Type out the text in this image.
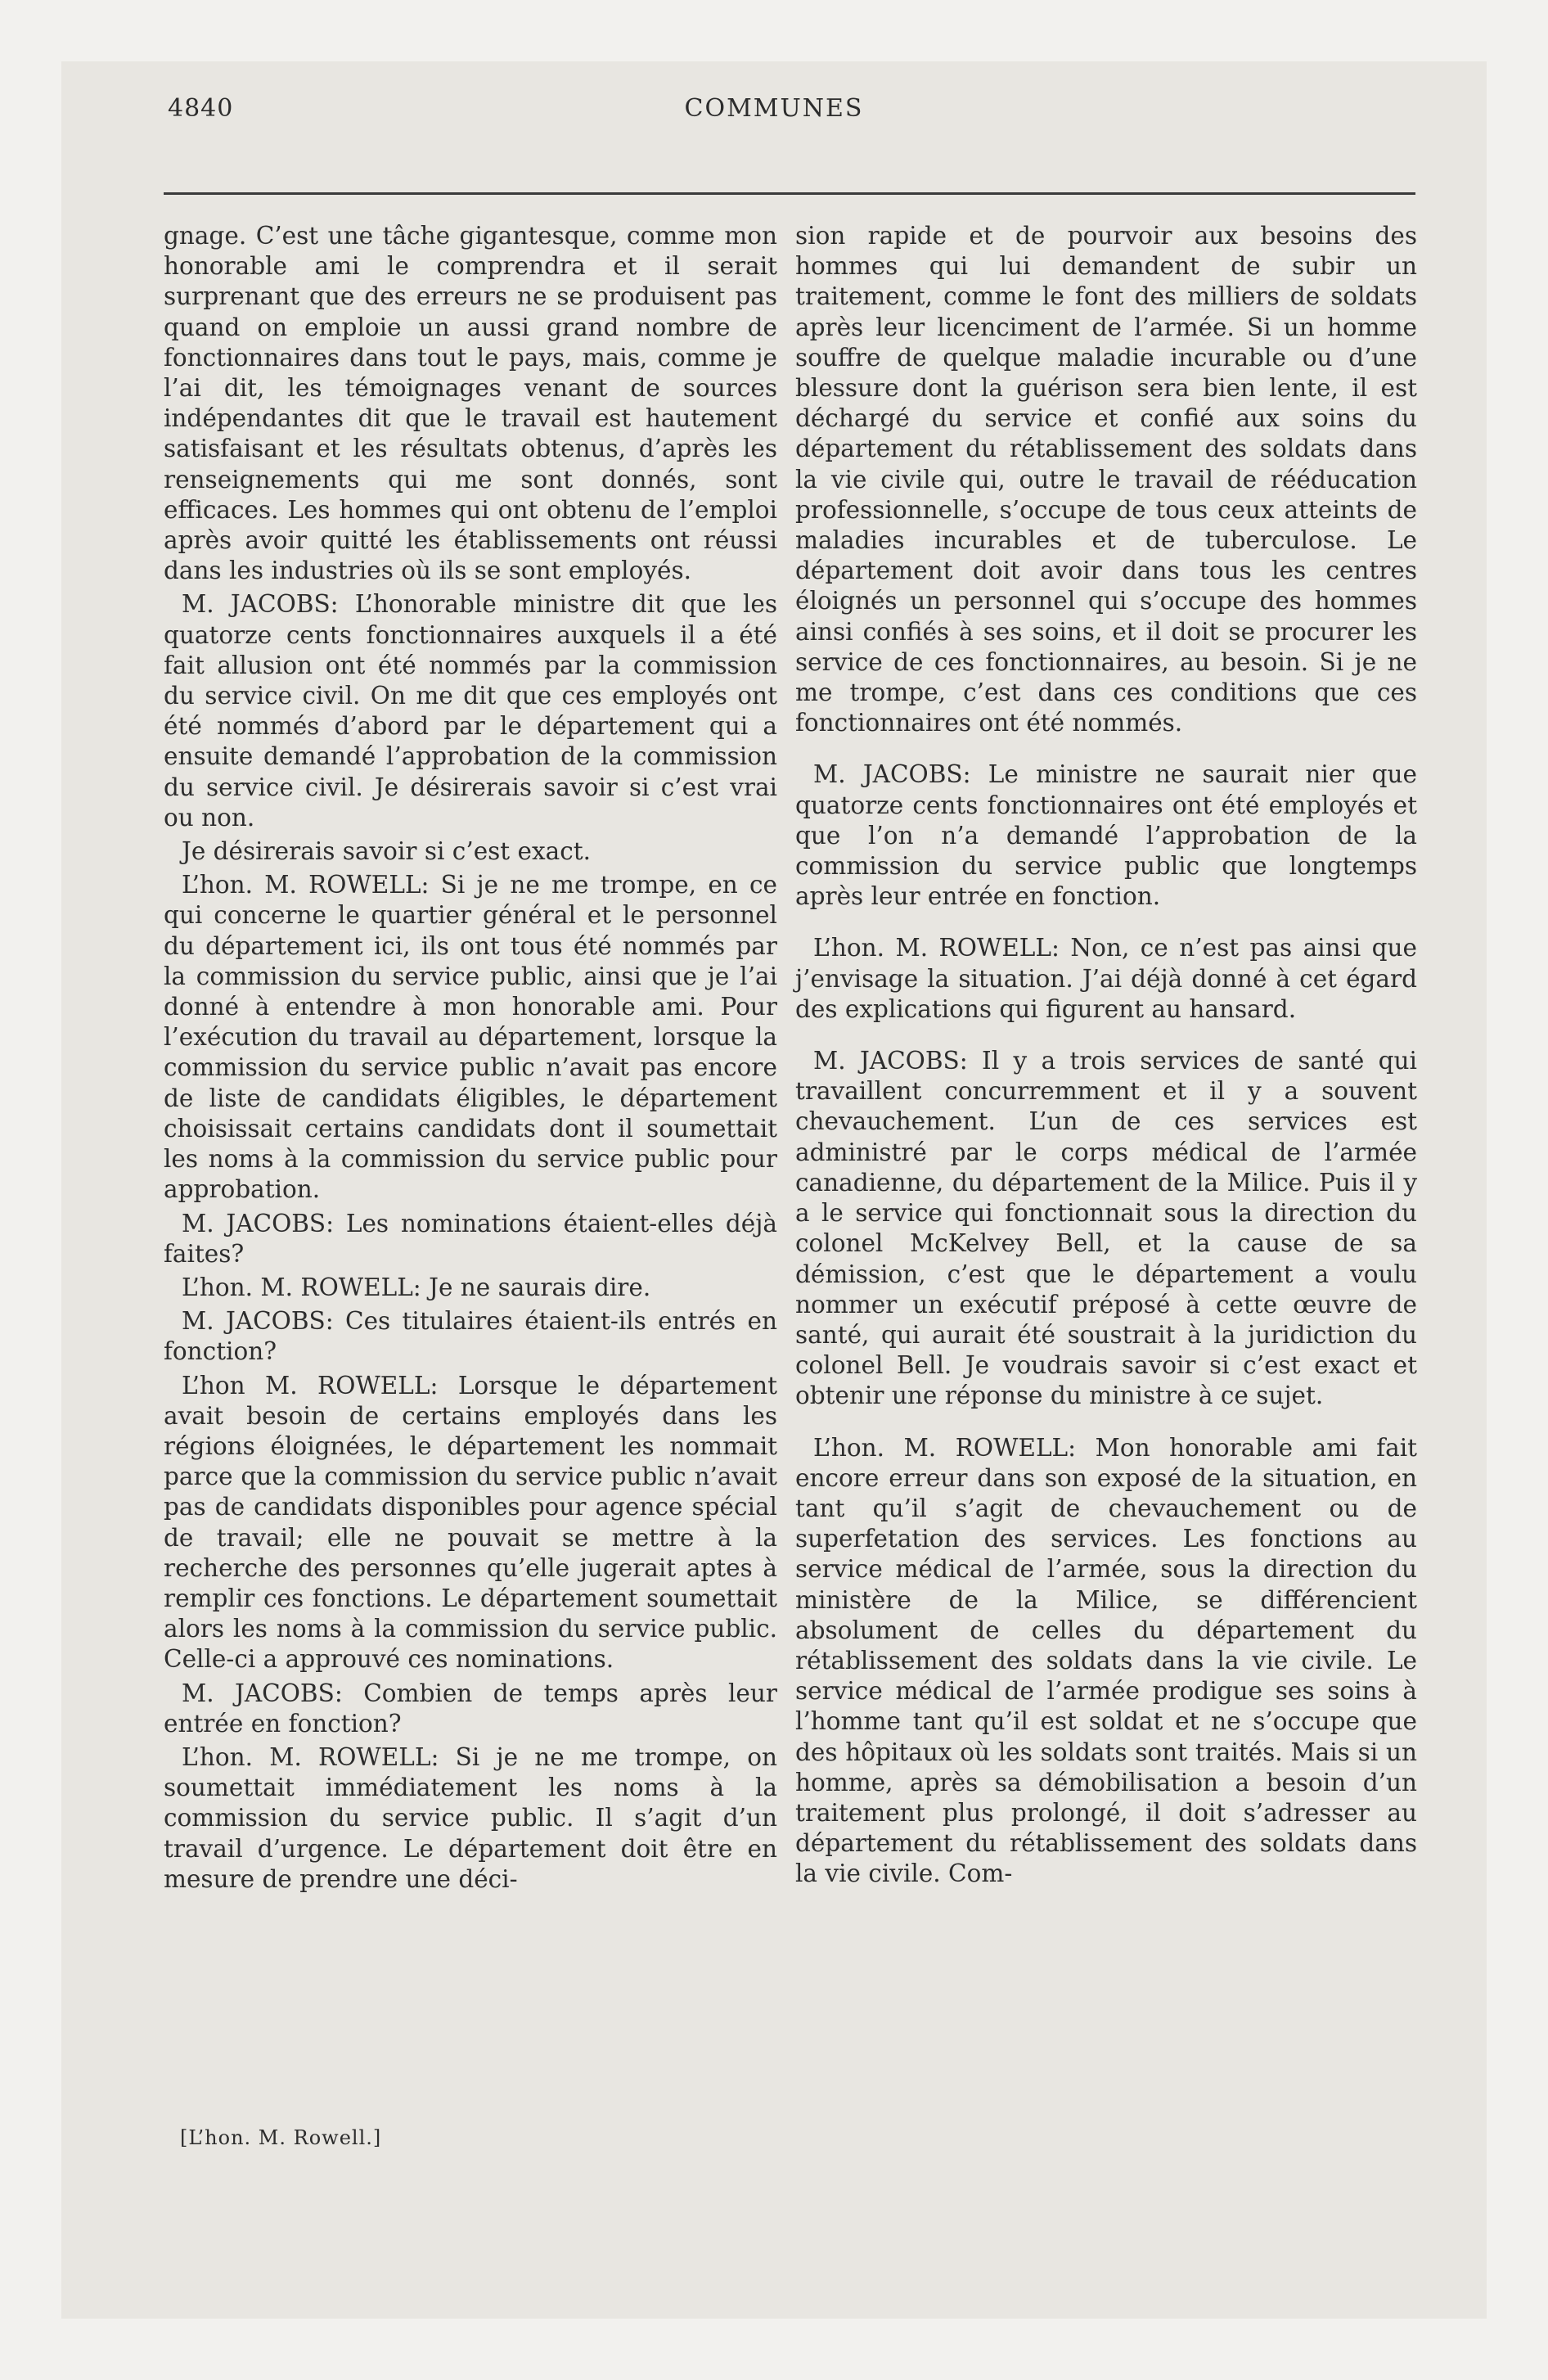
4840	COMMUNES

gnage. C’est une tâche gigantesque, comme mon honorable ami le comprendra et il serait surprenant que des erreurs ne se produisent pas quand on emploie un aussi grand nombre de fonctionnaires dans tout le pays, mais, comme je l’ai dit, les témoignages venant de sources indépendantes dit que le travail est hautement satisfaisant et les résultats obtenus, d’après les renseignements qui me sont donnés, sont efficaces. Les hommes qui ont obtenu de l’emploi après avoir quitté les établissements ont réussi dans les industries où ils se sont employés.

M. JACOBS: L’honorable ministre dit que les quatorze cents fonctionnaires auxquels il a été fait allusion ont été nommés par la commission du service civil. On me dit que ces employés ont été nommés d’abord par le département qui a ensuite demandé l’approbation de la commission du service civil. Je désirerais savoir si c’est vrai ou non.

Je désirerais savoir si c’est exact.

L’hon. M. ROWELL: Si je ne me trompe, en ce qui concerne le quartier général et le personnel du département ici, ils ont tous été nommés par la commission du service public, ainsi que je l’ai donné à entendre à mon honorable ami. Pour l’exécution du travail au département, lorsque la commission du service public n’avait pas encore de liste de candidats éligibles, le département choisissait certains candidats dont il soumettait les noms à la commission du service public pour approbation.

M. JACOBS: Les nominations étaient-elles déjà faites?

L’hon. M. ROWELL: Je ne saurais dire.

M. JACOBS: Ces titulaires étaient-ils entrés en fonction?

L’hon M. ROWELL: Lorsque le département avait besoin de certains employés dans les régions éloignées, le département les nommait parce que la commission du service public n’avait pas de candidats disponibles pour agence spécial de travail; elle ne pouvait se mettre à la recherche des personnes qu’elle jugerait aptes à remplir ces fonctions. Le département soumettait alors les noms à la commission du service public. Celle-ci a approuvé ces nominations.

M. JACOBS: Combien de temps après leur entrée en fonction?

L’hon. M. ROWELL: Si je ne me trompe, on soumettait immédiatement les noms à la commission du service public. Il s’agit d’un travail d’urgence. Le département doit être en mesure de prendre une déci-

sion rapide et de pourvoir aux besoins des hommes qui lui demandent de subir un traitement, comme le font des milliers de soldats après leur licenciment de l’armée. Si un homme souffre de quelque maladie incurable ou d’une blessure dont la guérison sera bien lente, il est déchargé du service et confié aux soins du département du rétablissement des soldats dans la vie civile qui, outre le travail de rééducation professionnelle, s’occupe de tous ceux atteints de maladies incurables et de tuberculose. Le département doit avoir dans tous les centres éloignés un personnel qui s’occupe des hommes ainsi confiés à ses soins, et il doit se procurer les service de ces fonctionnaires, au besoin. Si je ne me trompe, c’est dans ces conditions que ces fonctionnaires ont été nommés.

M. JACOBS: Le ministre ne saurait nier que quatorze cents fonctionnaires ont été employés et que l’on n’a demandé l’approbation de la commission du service public que longtemps après leur entrée en fonction.

L’hon. M. ROWELL: Non, ce n’est pas ainsi que j’envisage la situation. J’ai déjà donné à cet égard des explications qui figurent au hansard.

M. JACOBS: Il y a trois services de santé qui travaillent concurremment et il y a souvent chevauchement. L’un de ces services est administré par le corps médical de l’armée canadienne, du département de la Milice. Puis il y a le service qui fonctionnait sous la direction du colonel McKelvey Bell, et la cause de sa démission, c’est que le département a voulu nommer un exécutif préposé à cette œuvre de santé, qui aurait été soustrait à la juridiction du colonel Bell. Je voudrais savoir si c’est exact et obtenir une réponse du ministre à ce sujet.

L’hon. M. ROWELL: Mon honorable ami fait encore erreur dans son exposé de la situation, en tant qu’il s’agit de chevauchement ou de superfetation des services. Les fonctions au service médical de l’armée, sous la direction du ministère de la Milice, se différencient absolument de celles du département du rétablissement des soldats dans la vie civile. Le service médical de l’armée prodigue ses soins à l’homme tant qu’il est soldat et ne s’occupe que des hôpitaux où les soldats sont traités. Mais si un homme, après sa démobilisation a besoin d’un traitement plus prolongé, il doit s’adresser au département du rétablissement des soldats dans la vie civile. Com-

[L’hon. M. Rowell.]
